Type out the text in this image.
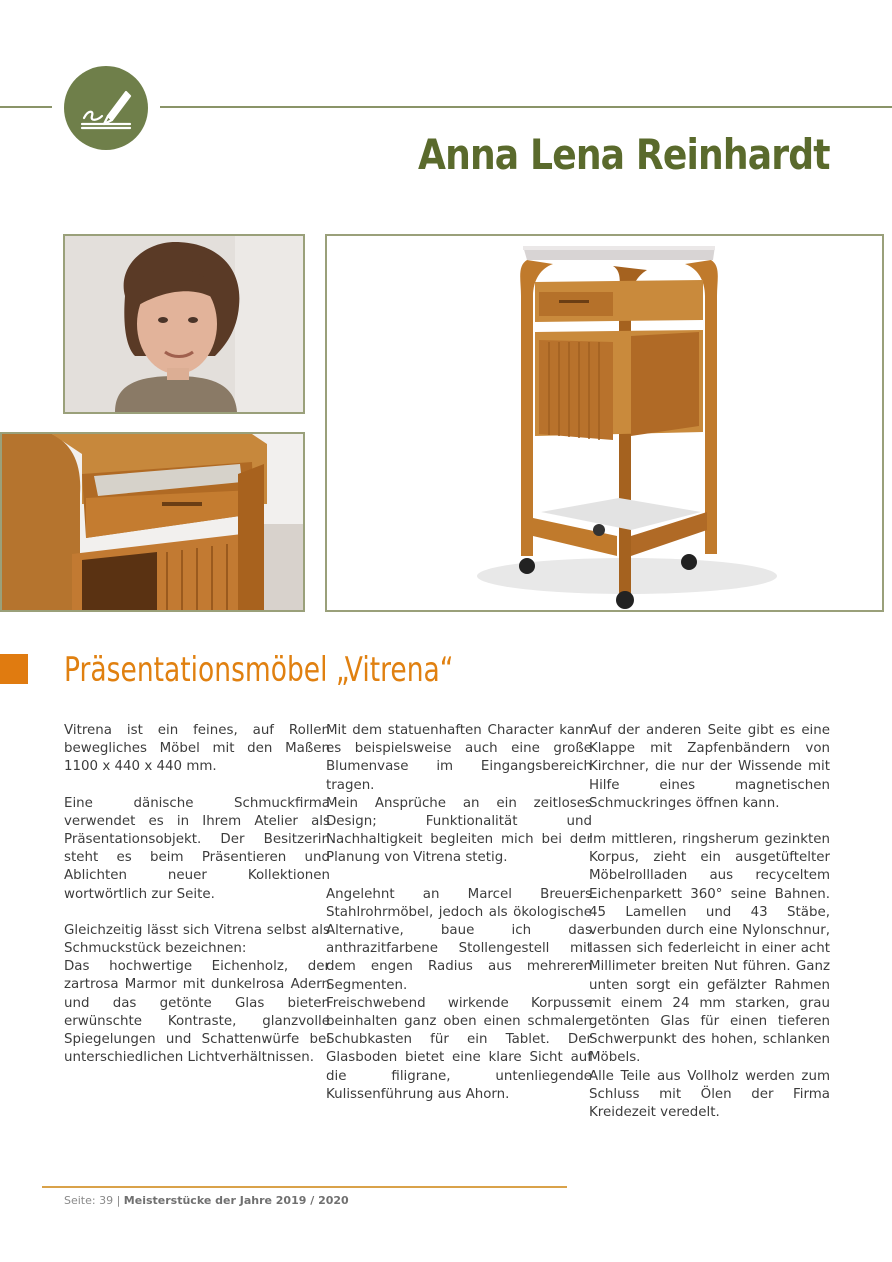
Anna Lena Reinhardt
Präsentationsmöbel „Vitrena“

Vitrena ist ein feines, auf Rollen bewegliches Möbel mit den Maßen 1100 x 440 x 440 mm.

Eine dänische Schmuckfirma verwendet es in Ihrem Atelier als Präsentationsobjekt. Der Besitzerin steht es beim Präsentieren und Ablichten neuer Kollektionen wortwörtlich zur Seite.

Gleichzeitig lässt sich Vitrena selbst als Schmuckstück bezeichnen:

Das hochwertige Eichenholz, der zartrosa Marmor mit dunkelrosa Adern und das getönte Glas bieten erwünschte Kontraste, glanzvolle Spiegelungen und Schattenwürfe bei unterschiedlichen Lichtverhältnissen.

Mit dem statuenhaften Character kann es beispielsweise auch eine große Blumenvase im Eingangsbereich tragen.

Mein Ansprüche an ein zeitloses Design; Funktionalität und Nachhaltigkeit begleiten mich bei der Planung von Vitrena stetig.

Angelehnt an Marcel Breuers Stahlrohrmöbel, jedoch als ökologische Alternative, baue ich das anthrazitfarbene Stollengestell mit dem engen Radius aus mehreren Segmenten.

Freischwebend wirkende Korpusse beinhalten ganz oben einen schmalen Schubkasten für ein Tablet. Der Glasboden bietet eine klare Sicht auf die filigrane, untenliegende Kulissenführung aus Ahorn.

Auf der anderen Seite gibt es eine Klappe mit Zapfenbändern von Kirchner, die nur der Wissende mit Hilfe eines magnetischen Schmuckringes öffnen kann.

Im mittleren, ringsherum gezinkten Korpus, zieht ein ausgetüftelter Möbelrollladen aus recyceltem Eichenparkett 360° seine Bahnen. 45 Lamellen und 43 Stäbe, verbunden durch eine Nylonschnur, lassen sich federleicht in einer acht Millimeter breiten Nut führen. Ganz unten sorgt ein gefälzter Rahmen mit einem 24 mm starken, grau getönten Glas für einen tieferen Schwerpunkt des hohen, schlanken Möbels.

Alle Teile aus Vollholz werden zum Schluss mit Ölen der Firma Kreidezeit veredelt.

Seite: 39 | Meisterstücke der Jahre 2019 / 2020
